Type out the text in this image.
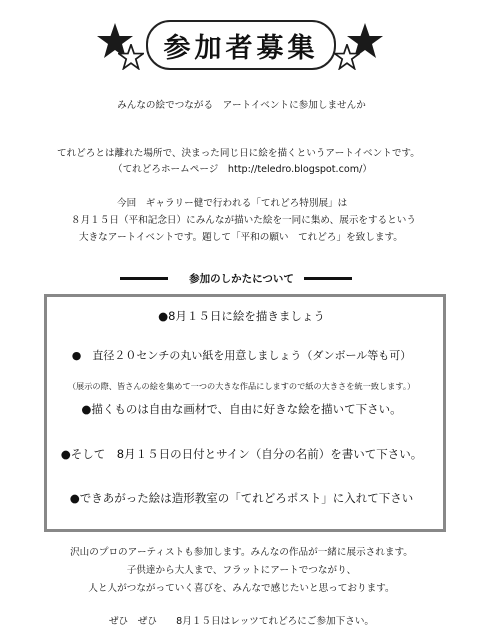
参加者募集
みんなの絵でつながる　アートイベントに参加しませんか
てれどろとは離れた場所で、決まった同じ日に絵を描くというアートイベントです。
（てれどろホームページ　http://teledro.blogspot.com/）
今回　ギャラリー健で行われる「てれどろ特別展」は
８月１５日（平和記念日）にみんなが描いた絵を一同に集め、展示をするという
大きなアートイベントです。題して「平和の願い　てれどろ」を致します。
参加のしかたについて
●8月１５日に絵を描きましょう
●　直径２０センチの丸い紙を用意しましょう（ダンボール等も可）
（展示の際、皆さんの絵を集めて一つの大きな作品にしますので紙の大きさを統一致します。）
●描くものは自由な画材で、自由に好きな絵を描いて下さい。
●そして　8月１５日の日付とサイン（自分の名前）を書いて下さい。
●できあがった絵は造形教室の「てれどろポスト」に入れて下さい
沢山のプロのアーティストも参加します。みんなの作品が一緒に展示されます。
子供達から大人まで、フラットにアートでつながり、
人と人がつながっていく喜びを、みんなで感じたいと思っております。
ぜひ　ぜひ　　8月１５日はレッツてれどろにご参加下さい。
